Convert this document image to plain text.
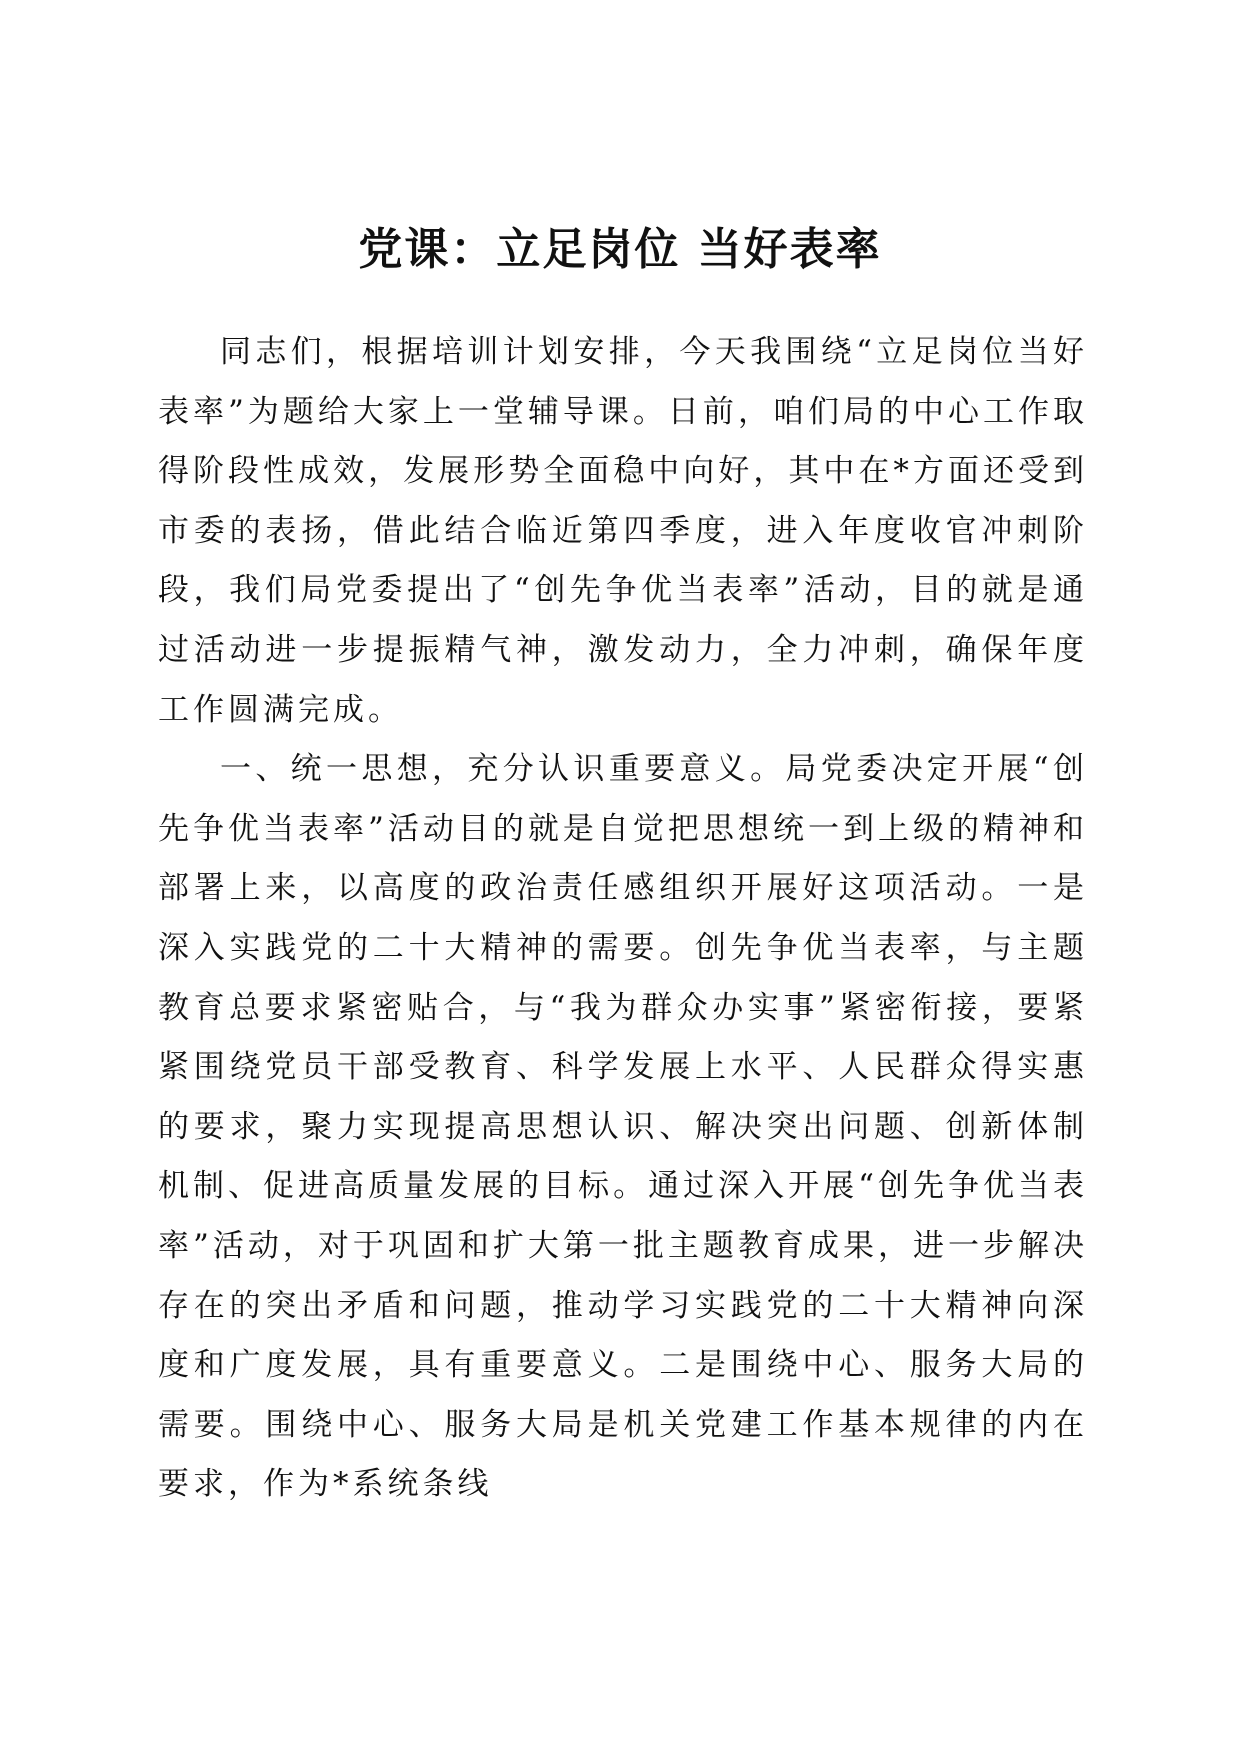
党课：立足岗位 当好表率

同志们，根据培训计划安排，今天我围绕“立足岗位当好表率”为题给大家上一堂辅导课。日前，咱们局的中心工作取得阶段性成效，发展形势全面稳中向好，其中在*方面还受到市委的表扬，借此结合临近第四季度，进入年度收官冲刺阶段，我们局党委提出了“创先争优当表率”活动，目的就是通过活动进一步提振精气神，激发动力，全力冲刺，确保年度工作圆满完成。

一、统一思想，充分认识重要意义。局党委决定开展“创先争优当表率”活动目的就是自觉把思想统一到上级的精神和部署上来，以高度的政治责任感组织开展好这项活动。一是深入实践党的二十大精神的需要。创先争优当表率，与主题教育总要求紧密贴合，与“我为群众办实事”紧密衔接，要紧紧围绕党员干部受教育、科学发展上水平、人民群众得实惠的要求，聚力实现提高思想认识、解决突出问题、创新体制机制、促进高质量发展的目标。通过深入开展“创先争优当表率”活动，对于巩固和扩大第一批主题教育成果，进一步解决存在的突出矛盾和问题，推动学习实践党的二十大精神向深度和广度发展，具有重要意义。二是围绕中心、服务大局的需要。围绕中心、服务大局是机关党建工作基本规律的内在要求，作为*系统条线
